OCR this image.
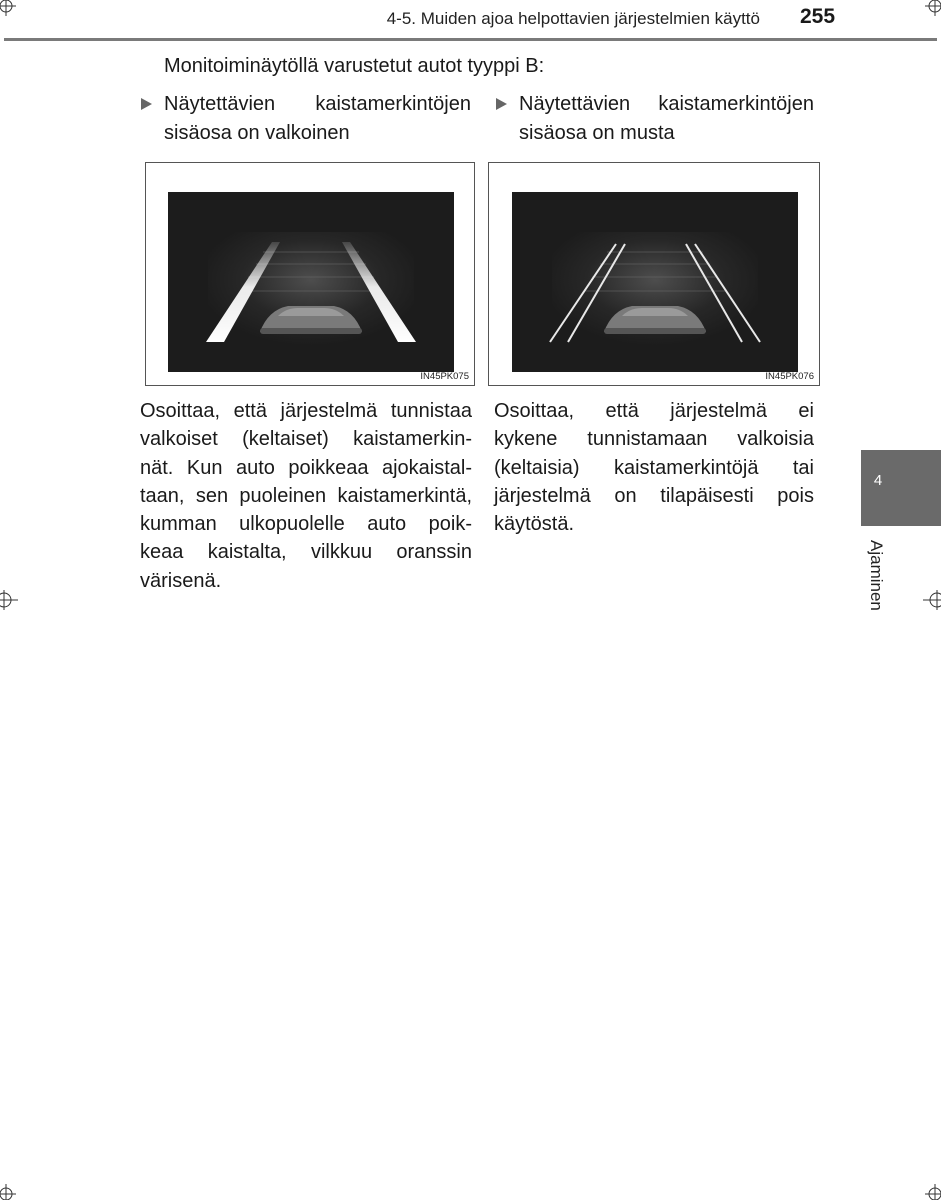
4-5. Muiden ajoa helpottavien järjestelmien käyttö 255
Monitoiminäytöllä varustetut autot tyyppi B:
Näytettävien kaistamerkintöjen
sisäosa on valkoinen
Näytettävien kaistamerkintöjen
sisäosa on musta
IN45PK075	IN45PK076
Osoittaa, että järjestelmä tunnistaa
valkoiset (keltaiset) kaistamerkin-
nät. Kun auto poikkeaa ajokaistal-
taan, sen puoleinen kaistamerkintä,
kumman ulkopuolelle auto poik-
keaa kaistalta, vilkkuu oranssin
värisenä.
Osoittaa, että järjestelmä ei
kykene tunnistamaan valkoisia
(keltaisia) kaistamerkintöjä tai
järjestelmä on tilapäisesti pois
käytöstä.
4
Ajaminen
